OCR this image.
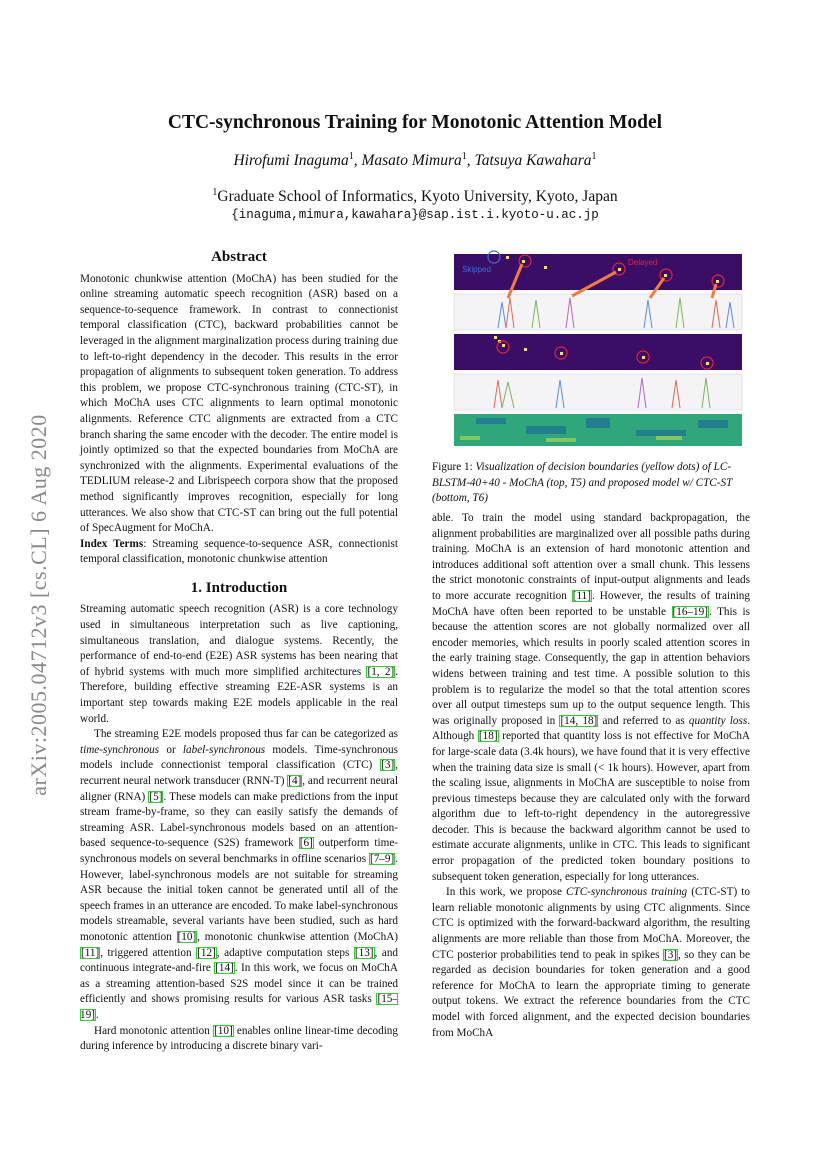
arXiv:2005.04712v3 [cs.CL] 6 Aug 2020
CTC-synchronous Training for Monotonic Attention Model
Hirofumi Inaguma$^1$, Masato Mimura$^1$, Tatsuya Kawahara$^1$
$^1$Graduate School of Informatics, Kyoto University, Kyoto, Japan
{inaguma,mimura,kawahara}@sap.ist.i.kyoto-u.ac.jp
Abstract

Monotonic chunkwise attention (MoChA) has been studied for the online streaming automatic speech recognition (ASR) based on a sequence-to-sequence framework. In contrast to connectionist temporal classification (CTC), backward probabilities cannot be leveraged in the alignment marginalization process during training due to left-to-right dependency in the decoder. This results in the error propagation of alignments to subsequent token generation. To address this problem, we propose CTC-synchronous training (CTC-ST), in which MoChA uses CTC alignments to learn optimal monotonic alignments. Reference CTC alignments are extracted from a CTC branch sharing the same encoder with the decoder. The entire model is jointly optimized so that the expected boundaries from MoChA are synchronized with the alignments. Experimental evaluations of the TEDLIUM release-2 and Librispeech corpora show that the proposed method significantly improves recognition, especially for long utterances. We also show that CTC-ST can bring out the full potential of SpecAugment for MoChA.

Index Terms: Streaming sequence-to-sequence ASR, connectionist temporal classification, monotonic chunkwise attention

1. Introduction

Streaming automatic speech recognition (ASR) is a core technology used in simultaneous interpretation such as live captioning, simultaneous translation, and dialogue systems. Recently, the performance of end-to-end (E2E) ASR systems has been nearing that of hybrid systems with much more simplified architectures [1, 2]. Therefore, building effective streaming E2E-ASR systems is an important step towards making E2E models applicable in the real world.

The streaming E2E models proposed thus far can be categorized as time-synchronous or label-synchronous models. Time-synchronous models include connectionist temporal classification (CTC) [3], recurrent neural network transducer (RNN-T) [4], and recurrent neural aligner (RNA) [5]. These models can make predictions from the input stream frame-by-frame, so they can easily satisfy the demands of streaming ASR. Label-synchronous models based on an attention-based sequence-to-sequence (S2S) framework [6] outperform time-synchronous models on several benchmarks in offline scenarios [7–9]. However, label-synchronous models are not suitable for streaming ASR because the initial token cannot be generated until all of the speech frames in an utterance are encoded. To make label-synchronous models streamable, several variants have been studied, such as hard monotonic attention [10], monotonic chunkwise attention (MoChA) [11], triggered attention [12], adaptive computation steps [13], and continuous integrate-and-fire [14]. In this work, we focus on MoChA as a streaming attention-based S2S model since it can be trained efficiently and shows promising results for various ASR tasks [15–19].

Hard monotonic attention [10] enables online linear-time decoding during inference by introducing a discrete binary vari-

Skipped
Delayed
Figure 1: Visualization of decision boundaries (yellow dots) of LC-BLSTM-40+40 - MoChA (top, T5) and proposed model w/ CTC-ST (bottom, T6)

able. To train the model using standard backpropagation, the alignment probabilities are marginalized over all possible paths during training. MoChA is an extension of hard monotonic attention and introduces additional soft attention over a small chunk. This lessens the strict monotonic constraints of input-output alignments and leads to more accurate recognition [11]. However, the results of training MoChA have often been reported to be unstable [16–19]. This is because the attention scores are not globally normalized over all encoder memories, which results in poorly scaled attention scores in the early training stage. Consequently, the gap in attention behaviors widens between training and test time. A possible solution to this problem is to regularize the model so that the total attention scores over all output timesteps sum up to the output sequence length. This was originally proposed in [14, 18] and referred to as quantity loss. Although [18] reported that quantity loss is not effective for MoChA for large-scale data (3.4k hours), we have found that it is very effective when the training data size is small (< 1k hours). However, apart from the scaling issue, alignments in MoChA are susceptible to noise from previous timesteps because they are calculated only with the forward algorithm due to left-to-right dependency in the autoregressive decoder. This is because the backward algorithm cannot be used to estimate accurate alignments, unlike in CTC. This leads to significant error propagation of the predicted token boundary positions to subsequent token generation, especially for long utterances.

In this work, we propose CTC-synchronous training (CTC-ST) to learn reliable monotonic alignments by using CTC alignments. Since CTC is optimized with the forward-backward algorithm, the resulting alignments are more reliable than those from MoChA. Moreover, the CTC posterior probabilities tend to peak in spikes [3], so they can be regarded as decision boundaries for token generation and a good reference for MoChA to learn the appropriate timing to generate output tokens. We extract the reference boundaries from the CTC model with forced alignment, and the expected decision boundaries from MoChA
